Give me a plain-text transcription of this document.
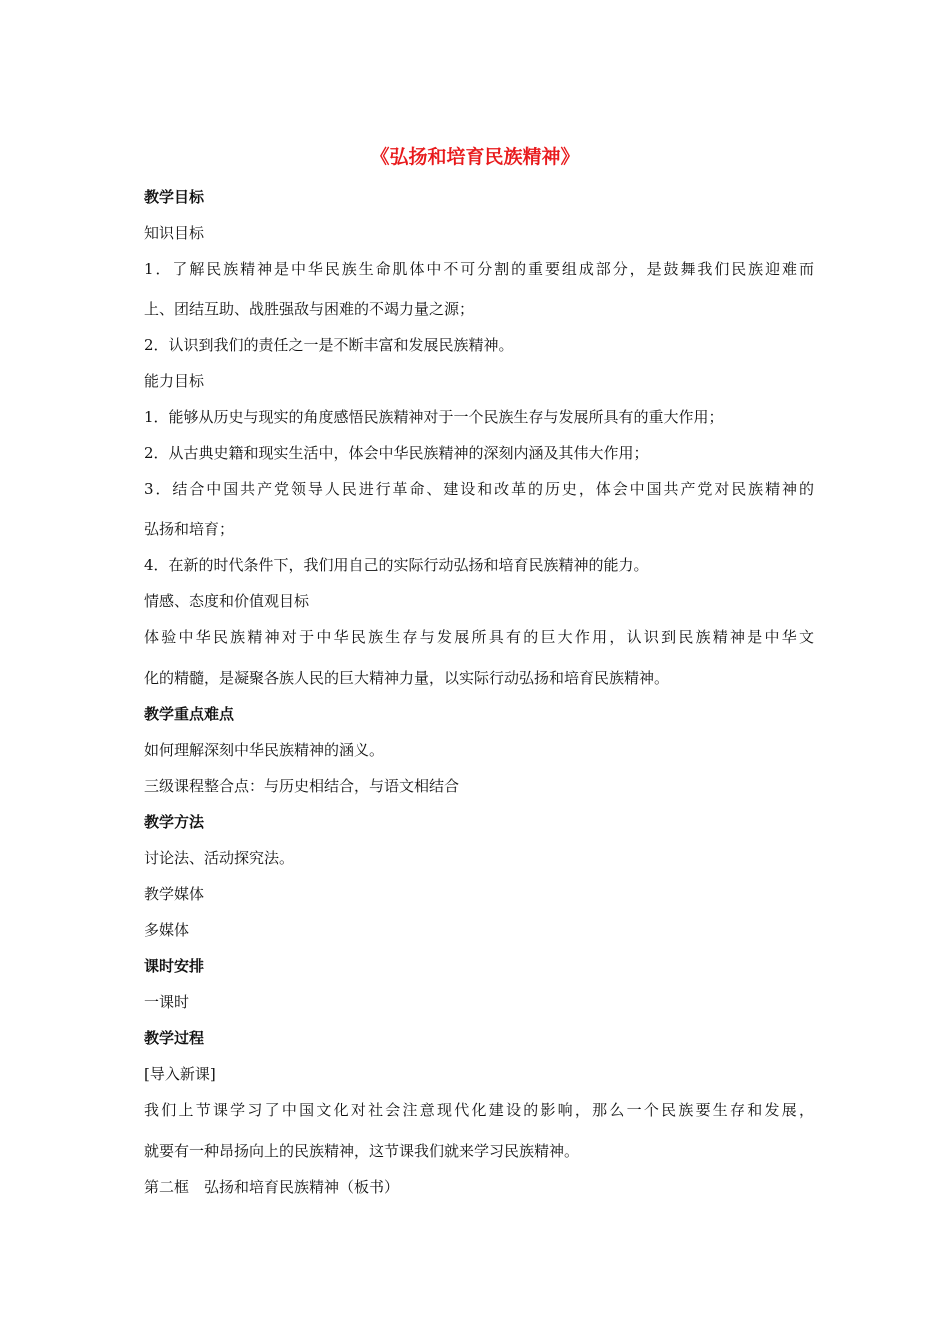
《弘扬和培育民族精神》
教学目标
知识目标
1．了解民族精神是中华民族生命肌体中不可分割的重要组成部分，是鼓舞我们民族迎难而
上、团结互助、战胜强敌与困难的不竭力量之源；
2．认识到我们的责任之一是不断丰富和发展民族精神。
能力目标
1．能够从历史与现实的角度感悟民族精神对于一个民族生存与发展所具有的重大作用；
2．从古典史籍和现实生活中，体会中华民族精神的深刻内涵及其伟大作用；
3．结合中国共产党领导人民进行革命、建设和改革的历史，体会中国共产党对民族精神的
弘扬和培育；
4．在新的时代条件下，我们用自己的实际行动弘扬和培育民族精神的能力。
情感、态度和价值观目标
体验中华民族精神对于中华民族生存与发展所具有的巨大作用，认识到民族精神是中华文
化的精髓，是凝聚各族人民的巨大精神力量，以实际行动弘扬和培育民族精神。
教学重点难点
如何理解深刻中华民族精神的涵义。
三级课程整合点：与历史相结合，与语文相结合
教学方法
讨论法、活动探究法。
教学媒体
多媒体
课时安排
一课时
教学过程
[导入新课]
我们上节课学习了中国文化对社会注意现代化建设的影响，那么一个民族要生存和发展，
就要有一种昂扬向上的民族精神，这节课我们就来学习民族精神。
第二框　弘扬和培育民族精神（板书）
